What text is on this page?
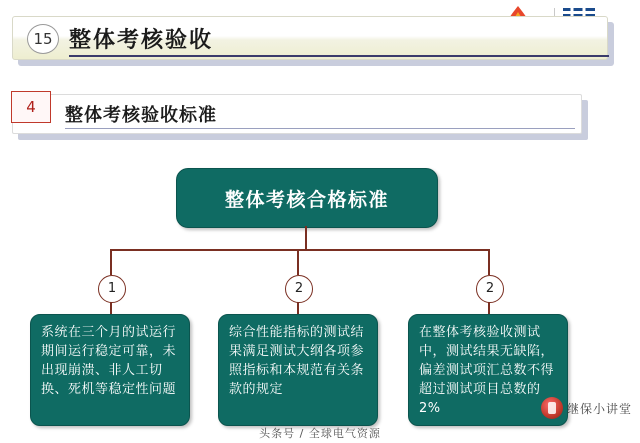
15 整体考核验收
4	整体考核验收标准
整体考核合格标准
1	2	2
系统在三个月的试运行期间运行稳定可靠，未出现崩溃、非人工切换、死机等稳定性问题
综合性能指标的测试结果满足测试大纲各项参照指标和本规范有关条款的规定
在整体考核验收测试中，测试结果无缺陷，偏差测试项汇总数不得超过测试项目总数的2%	继保小讲堂
头条号 / 全球电气资源
